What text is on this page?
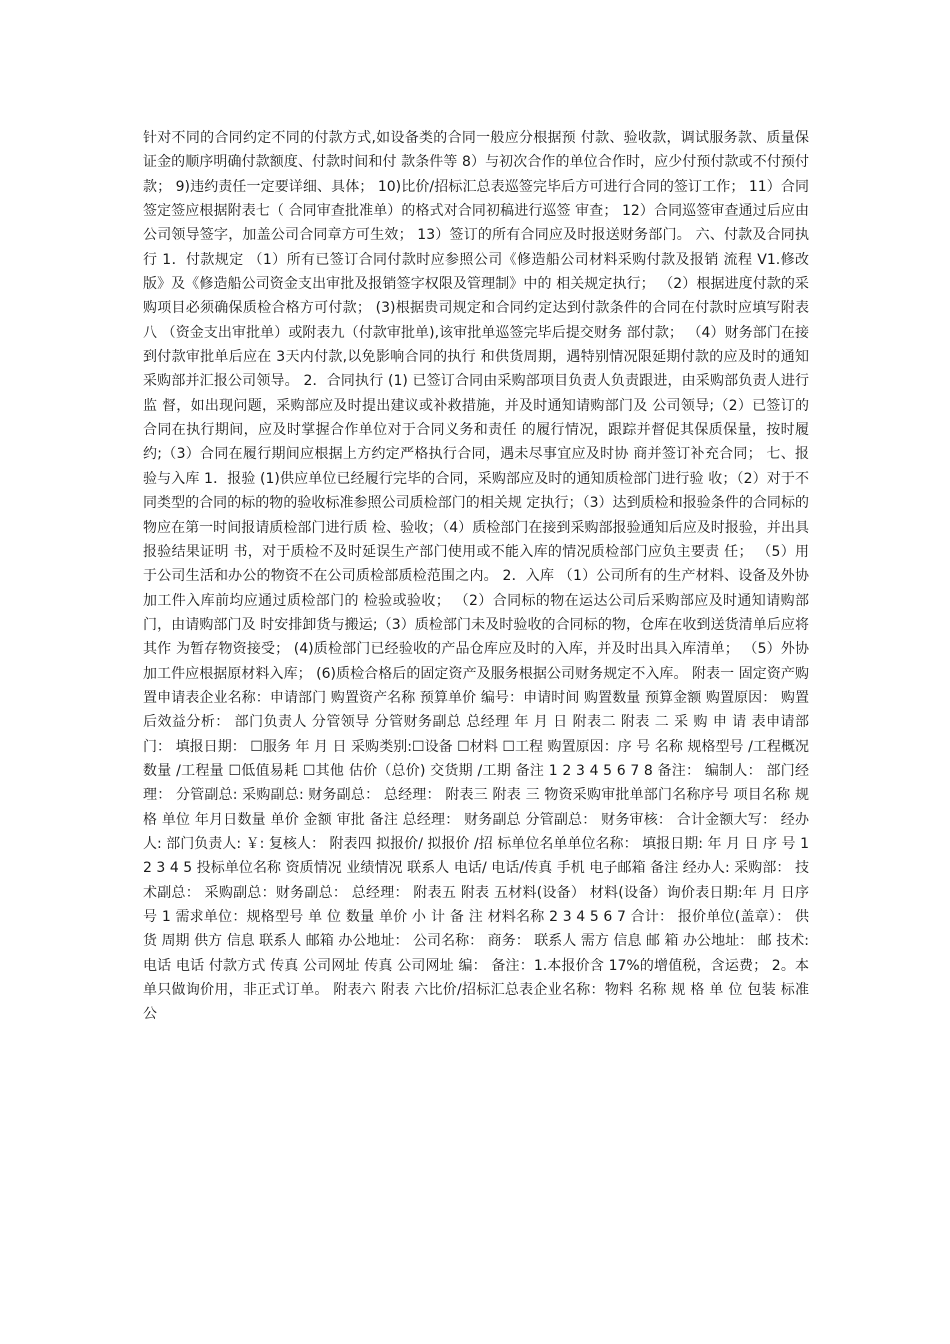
针对不同的合同约定不同的付款方式,如设备类的合同一般应分根据预 付款、验收款，调试服务款、质量保证金的顺序明确付款额度、付款时间和付 款条件等 8）与初次合作的单位合作时，应少付预付款或不付预付款； 9)违约责任一定要详细、具体； 10)比价/招标汇总表巡签完毕后方可进行合同的签订工作； 11）合同签定签应根据附表七（ 合同审查批准单）的格式对合同初稿进行巡签 审查； 12）合同巡签审查通过后应由公司领导签字，加盖公司合同章方可生效； 13）签订的所有合同应及时报送财务部门。 六、付款及合同执行 1．付款规定 （1）所有已签订合同付款时应参照公司《修造船公司材料采购付款及报销 流程 V1.修改版》及《修造船公司资金支出审批及报销签字权限及管理制》中的 相关规定执行； （2）根据进度付款的采购项目必须确保质检合格方可付款； (3)根据贵司规定和合同约定达到付款条件的合同在付款时应填写附表八 （资金支出审批单）或附表九（付款审批单),该审批单巡签完毕后提交财务 部付款； （4）财务部门在接到付款审批单后应在 3天内付款,以免影响合同的执行 和供货周期，遇特别情况限延期付款的应及时的通知采购部并汇报公司领导。 2．合同执行 (1) 已签订合同由采购部项目负责人负责跟进，由采购部负责人进行监 督，如出现问题，采购部应及时提出建议或补救措施，并及时通知请购部门及 公司领导;（2）已签订的合同在执行期间，应及时掌握合作单位对于合同义务和责任 的履行情况，跟踪并督促其保质保量，按时履约;（3）合同在履行期间应根据上方约定严格执行合同，遇未尽事宜应及时协 商并签订补充合同； 七、报验与入库 1．报验 (1)供应单位已经履行完毕的合同，采购部应及时的通知质检部门进行验 收；（2）对于不同类型的合同的标的物的验收标准参照公司质检部门的相关规 定执行；（3）达到质检和报验条件的合同标的物应在第一时间报请质检部门进行质 检、验收；（4）质检部门在接到采购部报验通知后应及时报验，并出具报验结果证明 书，对于质检不及时延误生产部门使用或不能入库的情况质检部门应负主要责 任； （5）用于公司生活和办公的物资不在公司质检部质检范围之内。 2．入库 （1）公司所有的生产材料、设备及外协加工件入库前均应通过质检部门的 检验或验收； （2）合同标的物在运达公司后采购部应及时通知请购部门，由请购部门及 时安排卸货与搬运;（3）质检部门未及时验收的合同标的物，仓库在收到送货清单后应将其作 为暂存物资接受； (4)质检部门已经验收的产品仓库应及时的入库，并及时出具入库清单； （5）外协加工件应根据原材料入库； (6)质检合格后的固定资产及服务根据公司财务规定不入库。 附表一 固定资产购置申请表企业名称：申请部门 购置资产名称 预算单价 编号：申请时间 购置数量 预算金额 购置原因： 购置后效益分析： 部门负责人 分管领导 分管财务副总 总经理 年 月 日 附表二 附表 二 采 购 申 请 表申请部门： 填报日期： ☐服务 年 月 日 采购类别:☐设备 ☐材料 ☐工程 购置原因：序 号 名称 规格型号 /工程概况 数量 /工程量 ☐低值易耗 ☐其他 估价（总价) 交货期 /工期 备注 1 2 3 4 5 6 7 8 备注： 编制人： 部门经理： 分管副总: 采购副总: 财务副总： 总经理： 附表三 附表 三 物资采购审批单部门名称序号 项目名称 规格 单位 年月日数量 单价 金额 审批 备注 总经理： 财务副总 分管副总： 财务审核： 合计金额大写： 经办人: 部门负责人: ￥: 复核人： 附表四 拟报价/ 拟报价 /招 标单位名单单位名称： 填报日期: 年 月 日 序 号 1 2 3 4 5 投标单位名称 资质情况 业绩情况 联系人 电话/ 电话/传真 手机 电子邮箱 备注 经办人: 采购部： 技术副总： 采购副总：财务副总： 总经理： 附表五 附表 五材料(设备） 材料(设备）询价表日期:年 月 日序号 1 需求单位：规格型号 单 位 数量 单价 小 计 备 注 材料名称 2 3 4 5 6 7 合计： 报价单位(盖章）： 供货 周期 供方 信息 联系人 邮箱 办公地址： 公司名称： 商务： 联系人 需方 信息 邮 箱 办公地址： 邮 技术: 电话 电话 付款方式 传真 公司网址 传真 公司网址 编： 备注：1.本报价含 17%的增值税，含运费； 2。本单只做询价用，非正式订单。 附表六 附表 六比价/招标汇总表企业名称：物料 名称 规 格 单 位 包装 标准 公
